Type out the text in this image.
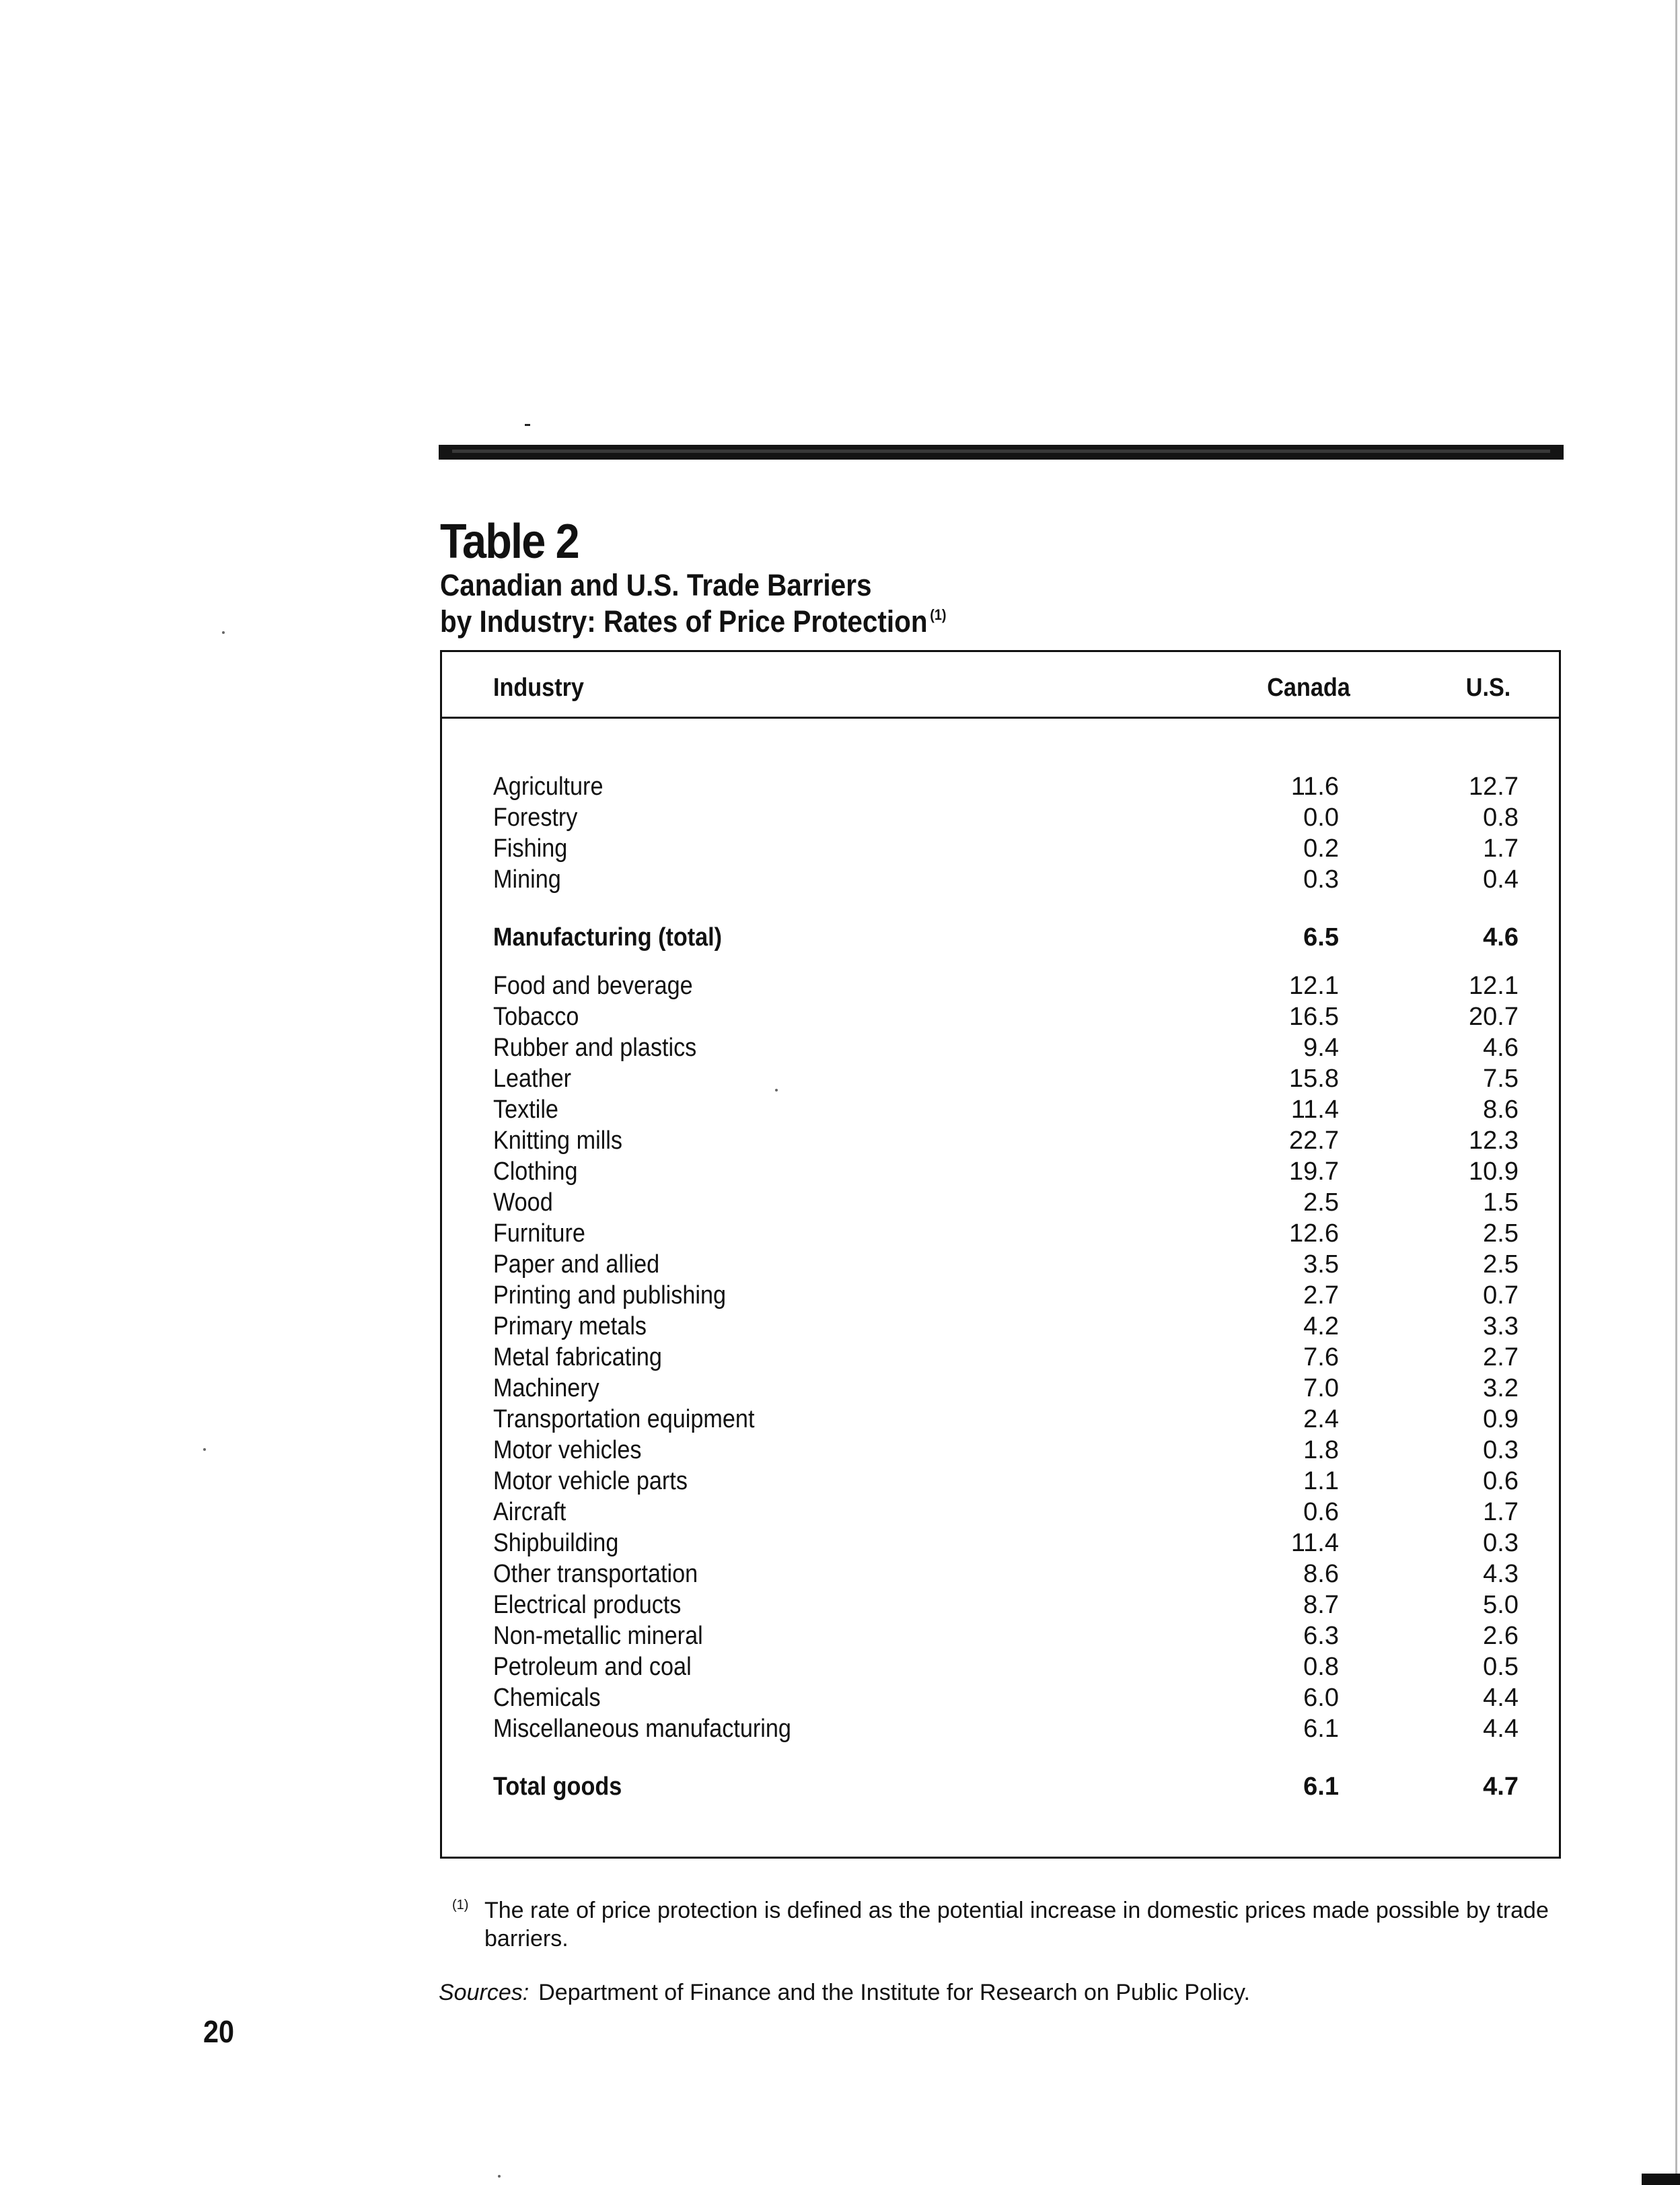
Table 2
Canadian and U.S. Trade Barriers
by Industry: Rates of Price Protection $^{(1)}$
Industry	Canada	U.S.
Agriculture	11.6	12.7
Forestry	0.0	0.8
Fishing	0.2	1.7
Mining	0.3	0.4
Manufacturing (total)	6.5	4.6
Food and beverage	12.1	12.1
Tobacco	16.5	20.7
Rubber and plastics	9.4	4.6
Leather	15.8	7.5
Textile	11.4	8.6
Knitting mills	22.7	12.3
Clothing	19.7	10.9
Wood	2.5	1.5
Furniture	12.6	2.5
Paper and allied	3.5	2.5
Printing and publishing	2.7	0.7
Primary metals	4.2	3.3
Metal fabricating	7.6	2.7
Machinery	7.0	3.2
Transportation equipment	2.4	0.9
Motor vehicles	1.8	0.3
Motor vehicle parts	1.1	0.6
Aircraft	0.6	1.7
Shipbuilding	11.4	0.3
Other transportation	8.6	4.3
Electrical products	8.7	5.0
Non-metallic mineral	6.3	2.6
Petroleum and coal	0.8	0.5
Chemicals	6.0	4.4
Miscellaneous manufacturing	6.1	4.4
Total goods	6.1	4.7
(1) The rate of price protection is defined as the potential increase in domestic prices made possible by trade barriers.
Sources: Department of Finance and the Institute for Research on Public Policy.
20
